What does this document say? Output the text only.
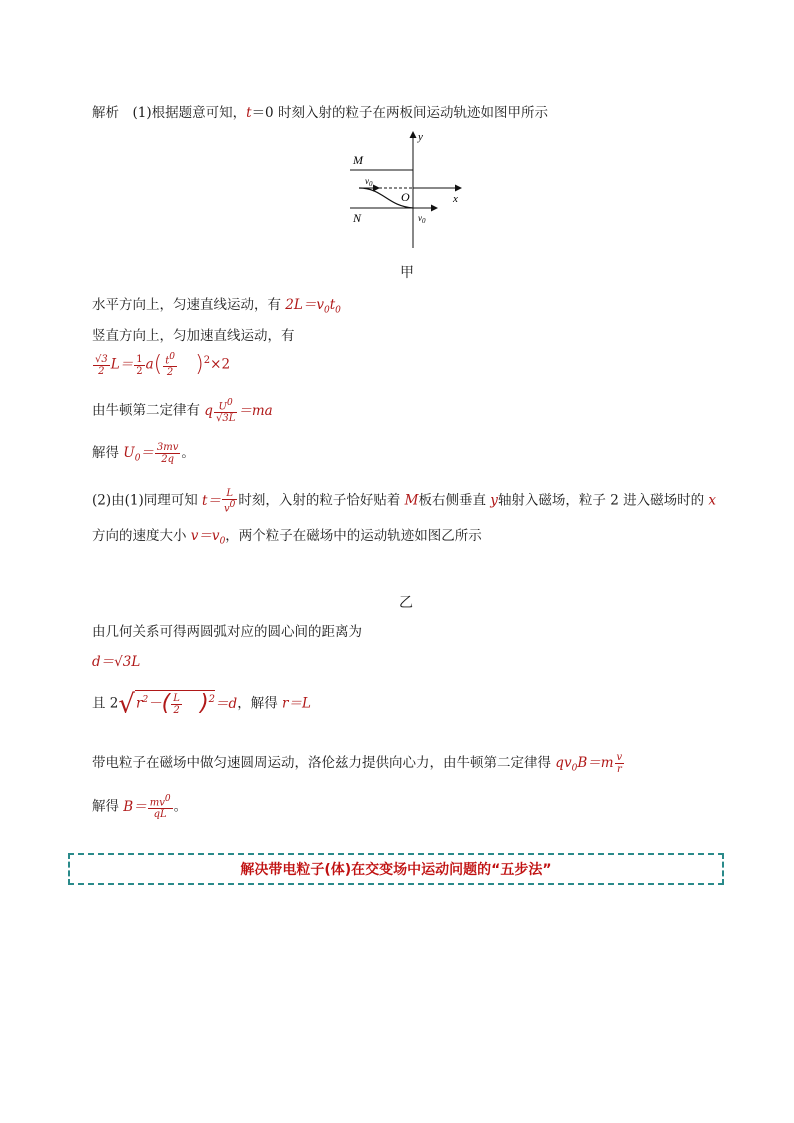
解析　(1)根据题意可知，t＝0 时刻入射的粒子在两板间运动轨迹如图甲所示
y
M
x
$v_0$
O
N	$v_0$
甲
水平方向上，匀速直线运动，有 $2L=v_0t_0$
竖直方向上，匀加速直线运动，有
$\frac{√3}{2} L= \frac{1}{2} a( \frac{t^0}{2} )^2\times 2$
由牛顿第二定律有 q $\frac{U^0}{√3L} =ma$
解得 $U_0= \frac{3mv}{2q}$ 。
(2)由(1)同理可知 $t= \frac{L}{v^0}$ 时刻，入射的粒子恰好贴着 M板右侧垂直 y轴射入磁场，粒子 2 进入磁场时的 x
方向的速度大小 $v=v_0$，两个粒子在磁场中的运动轨迹如图乙所示
乙
由几何关系可得两圆弧对应的圆心间的距离为
d＝√3L
且 $2√r^2-( \frac{L}{2} )^2=d$，解得 r＝L
带电粒子在磁场中做匀速圆周运动，洛伦兹力提供向心力，由牛顿第二定律得 $qv_0B=m \frac{v}{r}$
解得 $B= \frac{mv^0}{qL}$ 。
解决带电粒子(体)在交变场中运动问题的“五步法”
